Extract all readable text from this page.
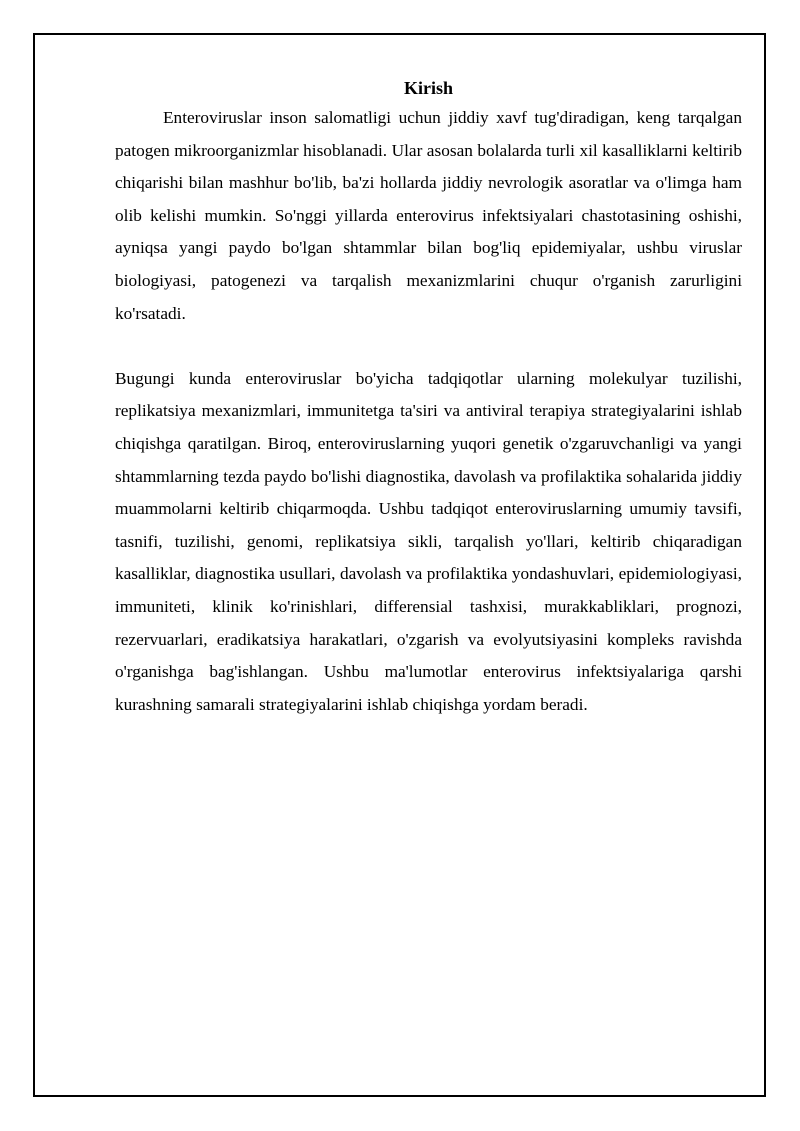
Kirish

Enteroviruslar inson salomatligi uchun jiddiy xavf tug'diradigan, keng tarqalgan patogen mikroorganizmlar hisoblanadi. Ular asosan bolalarda turli xil kasalliklarni keltirib chiqarishi bilan mashhur bo'lib, ba'zi hollarda jiddiy nevrologik asoratlar va o'limga ham olib kelishi mumkin. So'nggi yillarda enterovirus infektsiyalari chastotasining oshishi, ayniqsa yangi paydo bo'lgan shtammlar bilan bog'liq epidemiyalar, ushbu viruslar biologiyasi, patogenezi va tarqalish mexanizmlarini chuqur o'rganish zarurligini ko'rsatadi.

Bugungi kunda enteroviruslar bo'yicha tadqiqotlar ularning molekulyar tuzilishi, replikatsiya mexanizmlari, immunitetga ta'siri va antiviral terapiya strategiyalarini ishlab chiqishga qaratilgan. Biroq, enteroviruslarning yuqori genetik o'zgaruvchanligi va yangi shtammlarning tezda paydo bo'lishi diagnostika, davolash va profilaktika sohalarida jiddiy muammolarni keltirib chiqarmoqda. Ushbu tadqiqot enteroviruslarning umumiy tavsifi, tasnifi, tuzilishi, genomi, replikatsiya sikli, tarqalish yo'llari, keltirib chiqaradigan kasalliklar, diagnostika usullari, davolash va profilaktika yondashuvlari, epidemiologiyasi, immuniteti, klinik ko'rinishlari, differensial tashxisi, murakkabliklari, prognozi, rezervuarlari, eradikatsiya harakatlari, o'zgarish va evolyutsiyasini kompleks ravishda o'rganishga bag'ishlangan. Ushbu ma'lumotlar enterovirus infektsiyalariga qarshi kurashning samarali strategiyalarini ishlab chiqishga yordam beradi.
